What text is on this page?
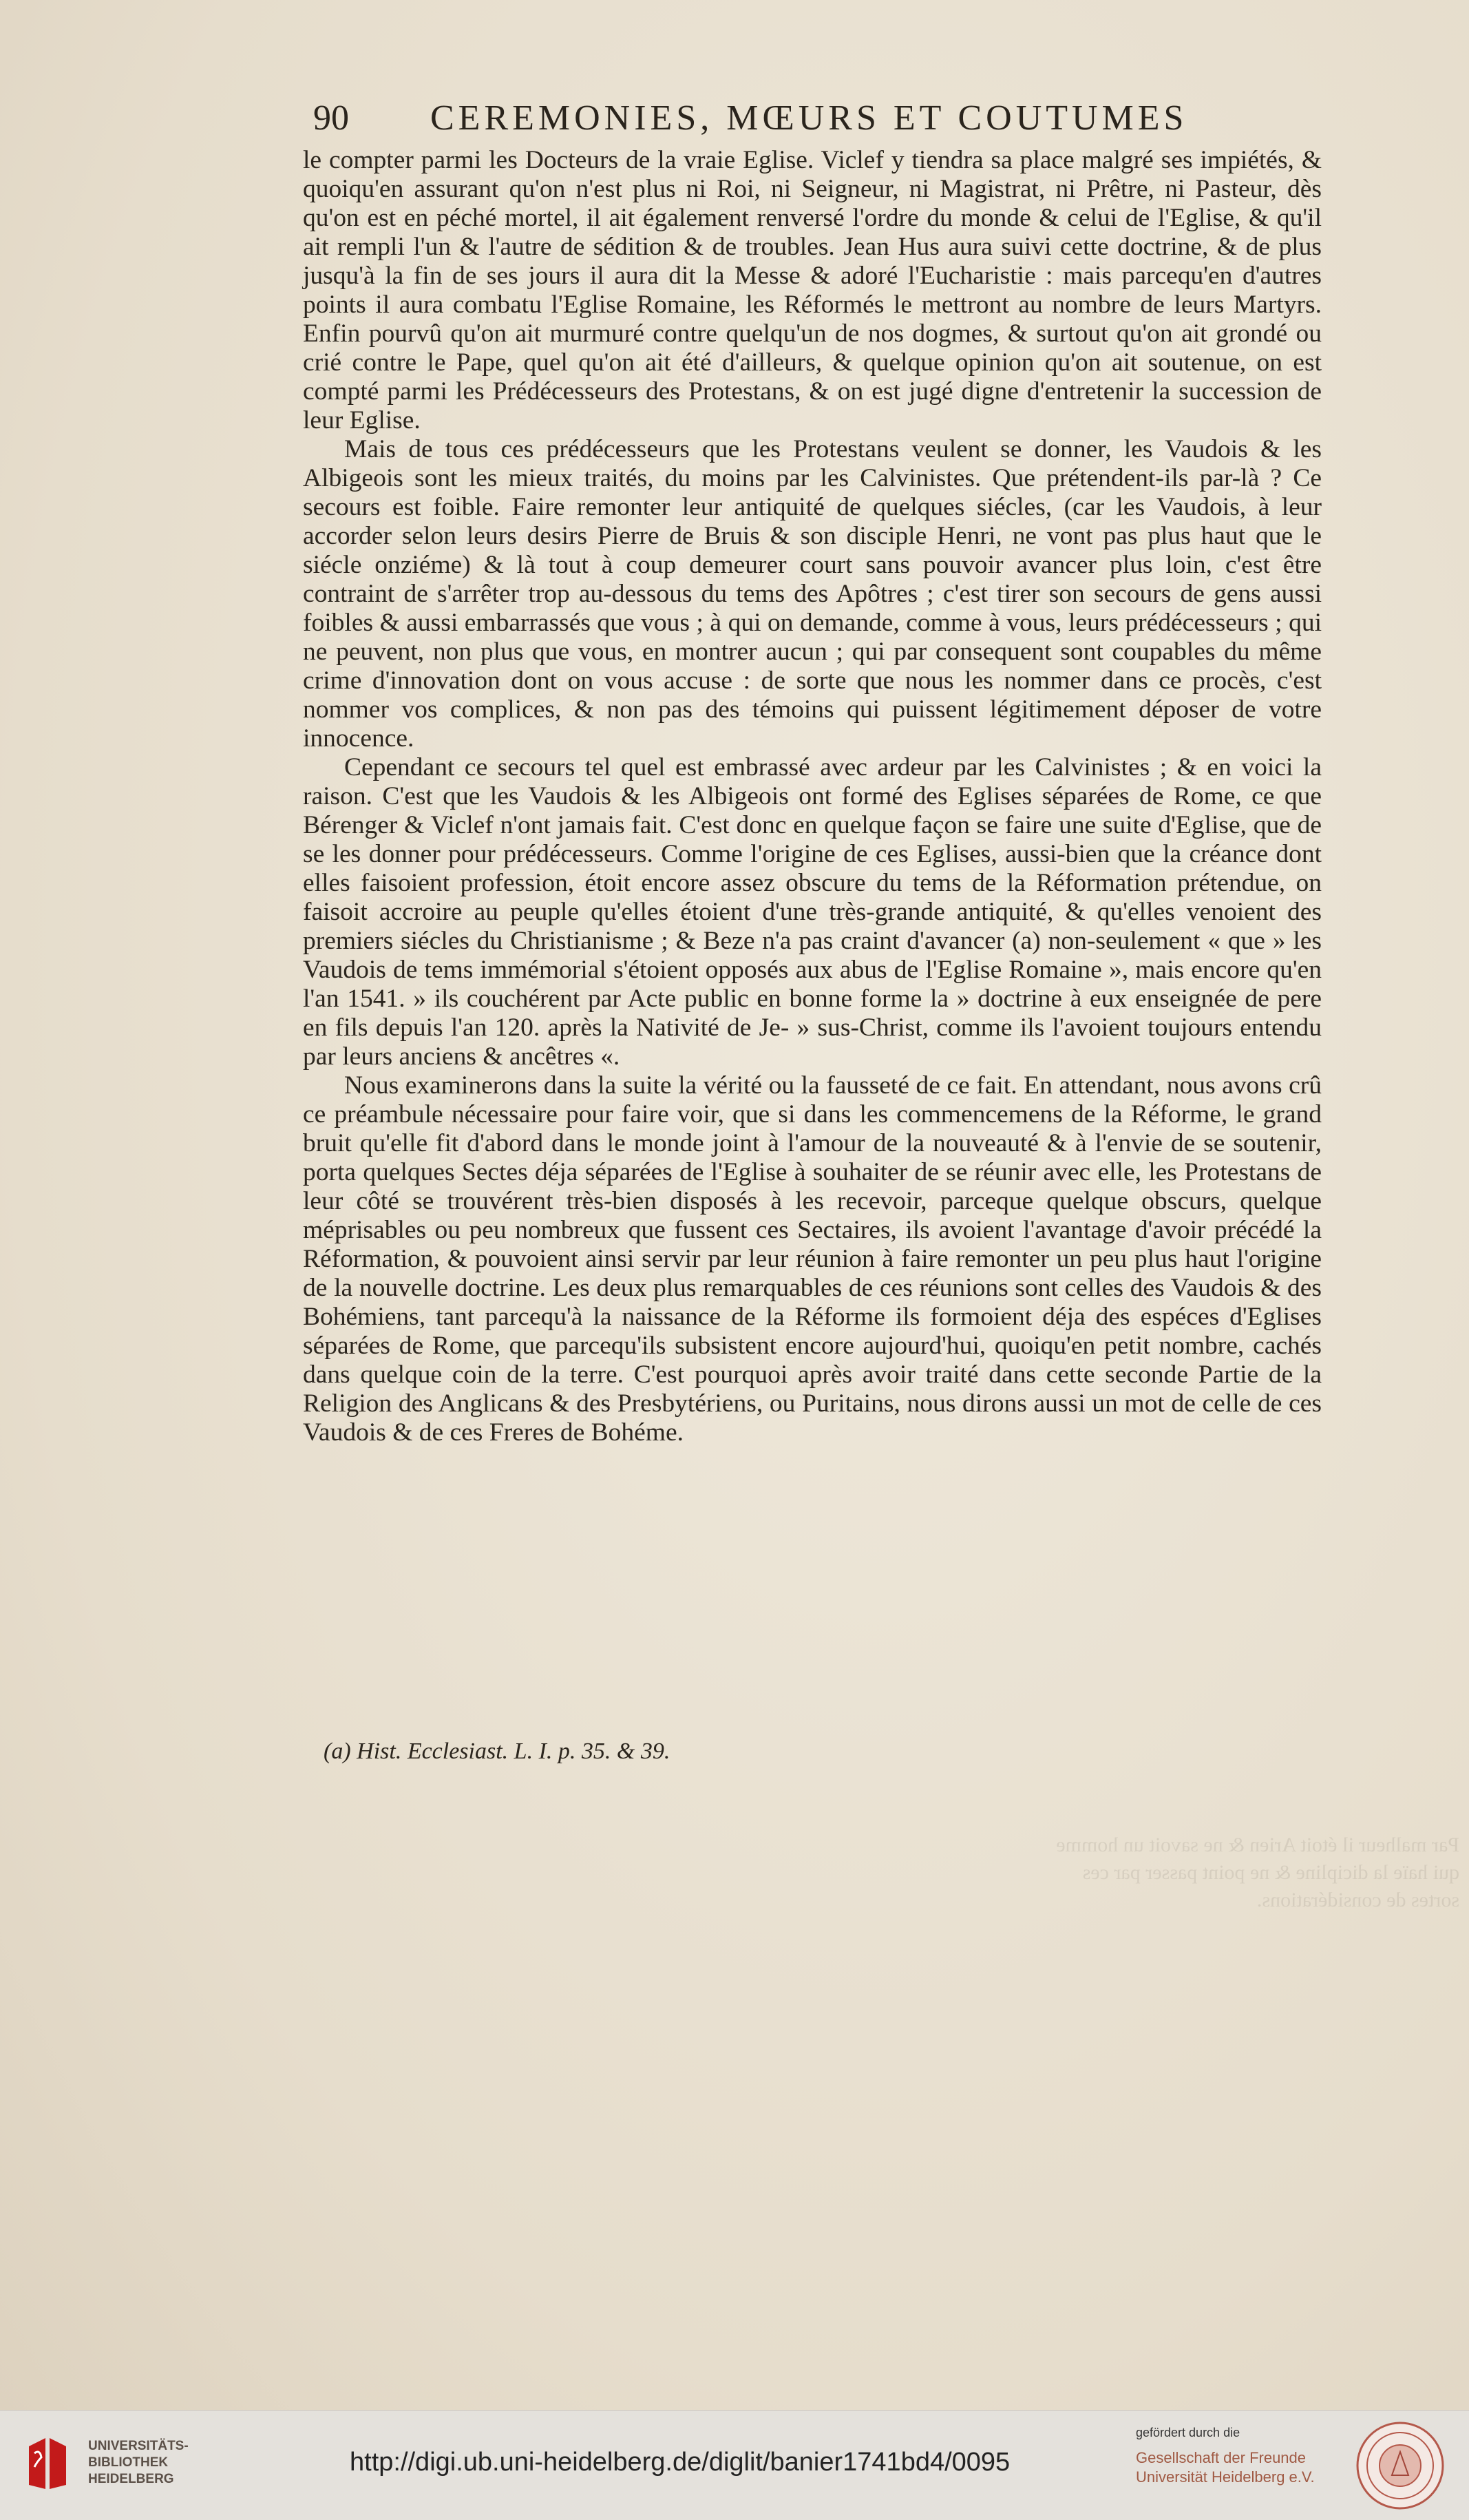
90 CEREMONIES, MŒURS ET COUTUMES

le compter parmi les Docteurs de la vraie Eglise. Viclef y tiendra sa place malgré ses impiétés, & quoiqu'en assurant qu'on n'est plus ni Roi, ni Seigneur, ni Magistrat, ni Prêtre, ni Pasteur, dès qu'on est en péché mortel, il ait également renversé l'ordre du monde & celui de l'Eglise, & qu'il ait rempli l'un & l'autre de sédition & de troubles. Jean Hus aura suivi cette doctrine, & de plus jusqu'à la fin de ses jours il aura dit la Messe & adoré l'Eucharistie : mais parcequ'en d'autres points il aura combatu l'Eglise Romaine, les Réformés le mettront au nombre de leurs Martyrs. Enfin pourvû qu'on ait murmuré contre quelqu'un de nos dogmes, & surtout qu'on ait grondé ou crié contre le Pape, quel qu'on ait été d'ailleurs, & quelque opinion qu'on ait soutenue, on est compté parmi les Prédécesseurs des Protestans, & on est jugé digne d'entretenir la succession de leur Eglise.

Mais de tous ces prédécesseurs que les Protestans veulent se donner, les Vaudois & les Albigeois sont les mieux traités, du moins par les Calvinistes. Que prétendent-ils par-là ? Ce secours est foible. Faire remonter leur antiquité de quelques siécles, (car les Vaudois, à leur accorder selon leurs desirs Pierre de Bruis & son disciple Henri, ne vont pas plus haut que le siécle onziéme) & là tout à coup demeurer court sans pouvoir avancer plus loin, c'est être contraint de s'arrêter trop au-dessous du tems des Apôtres ; c'est tirer son secours de gens aussi foibles & aussi embarrassés que vous ; à qui on demande, comme à vous, leurs prédécesseurs ; qui ne peuvent, non plus que vous, en montrer aucun ; qui par consequent sont coupables du même crime d'innovation dont on vous accuse : de sorte que nous les nommer dans ce procès, c'est nommer vos complices, & non pas des témoins qui puissent légitimement déposer de votre innocence.

Cependant ce secours tel quel est embrassé avec ardeur par les Calvinistes ; & en voici la raison. C'est que les Vaudois & les Albigeois ont formé des Eglises séparées de Rome, ce que Bérenger & Viclef n'ont jamais fait. C'est donc en quelque façon se faire une suite d'Eglise, que de se les donner pour prédécesseurs. Comme l'origine de ces Eglises, aussi-bien que la créance dont elles faisoient profession, étoit encore assez obscure du tems de la Réformation prétendue, on faisoit accroire au peuple qu'elles étoient d'une très-grande antiquité, & qu'elles venoient des premiers siécles du Christianisme ; & Beze n'a pas craint d'avancer (a) non-seulement « que » les Vaudois de tems immémorial s'étoient opposés aux abus de l'Eglise Romaine », mais encore qu'en l'an 1541. » ils couchérent par Acte public en bonne forme la » doctrine à eux enseignée de pere en fils depuis l'an 120. après la Nativité de Je- » sus-Christ, comme ils l'avoient toujours entendu par leurs anciens & ancêtres «.

Nous examinerons dans la suite la vérité ou la fausseté de ce fait. En attendant, nous avons crû ce préambule nécessaire pour faire voir, que si dans les commencemens de la Réforme, le grand bruit qu'elle fit d'abord dans le monde joint à l'amour de la nouveauté & à l'envie de se soutenir, porta quelques Sectes déja séparées de l'Eglise à souhaiter de se réunir avec elle, les Protestans de leur côté se trouvérent très-bien disposés à les recevoir, parceque quelque obscurs, quelque méprisables ou peu nombreux que fussent ces Sectaires, ils avoient l'avantage d'avoir précédé la Réformation, & pouvoient ainsi servir par leur réunion à faire remonter un peu plus haut l'origine de la nouvelle doctrine. Les deux plus remarquables de ces réunions sont celles des Vaudois & des Bohémiens, tant parcequ'à la naissance de la Réforme ils formoient déja des espéces d'Eglises séparées de Rome, que parcequ'ils subsistent encore aujourd'hui, quoiqu'en petit nombre, cachés dans quelque coin de la terre. C'est pourquoi après avoir traité dans cette seconde Partie de la Religion des Anglicans & des Presbytériens, ou Puritains, nous dirons aussi un mot de celle de ces Vaudois & de ces Freres de Bohéme.

(a) Hist. Ecclesiast. L. I. p. 35. & 39.
Par malheur il étoit Arien & ne savoit un homme qui haïe la dicipline & ne point passer par ces sortes de considérations.
UNIVERSITÄTS-
BIBLIOTHEK
HEIDELBERG
http://digi.ub.uni-heidelberg.de/diglit/banier1741bd4/0095
gefördert durch die
Gesellschaft der Freunde
Universität Heidelberg e.V.
